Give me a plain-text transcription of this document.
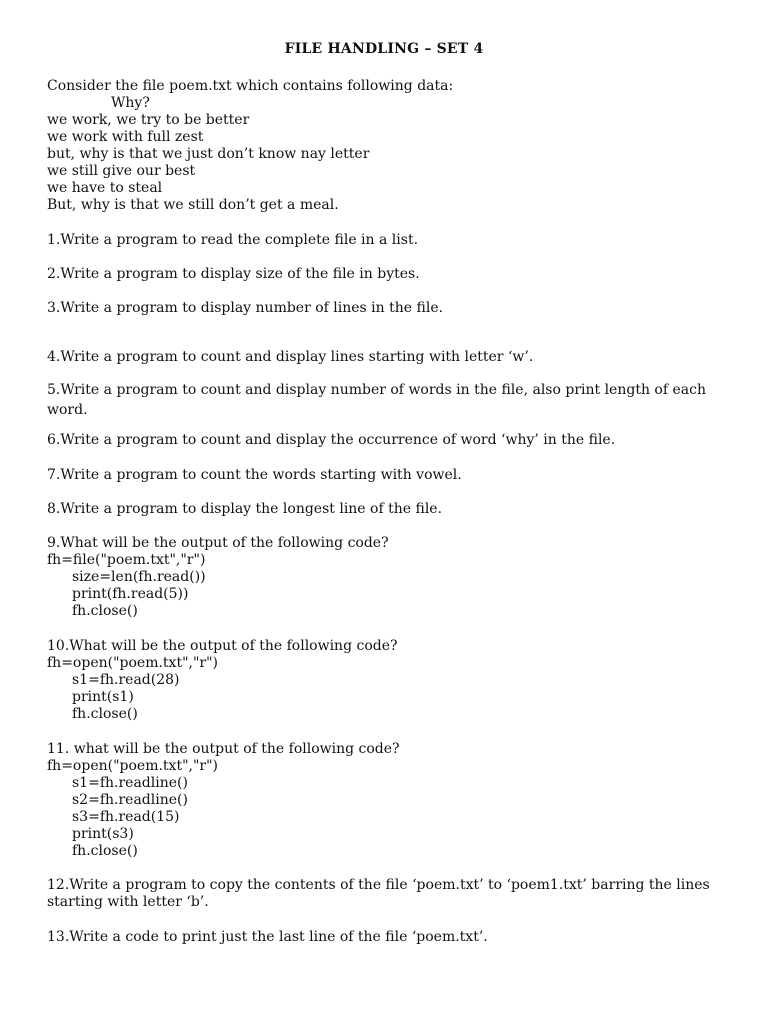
FILE HANDLING – SET 4
Consider the file poem.txt which contains following data:
Why?
we work, we try to be better
we work with full zest
but, why is that we just don’t know nay letter
we still give our best
we have to steal
But, why is that we still don’t get a meal.
1.Write a program to read the complete file in a list.
2.Write a program to display size of the file in bytes.
3.Write a program to display number of lines in the file.
4.Write a program to count and display lines starting with letter ‘w’.
5.Write a program to count and display number of words in the file, also print length of each word.
6.Write a program to count and display the occurrence of word ‘why’ in the file.
7.Write a program to count the words starting with vowel.
8.Write a program to display the longest line of the file.
9.What will be the output of the following code?
fh=file("poem.txt","r")
size=len(fh.read())
print(fh.read(5))
fh.close()
10.What will be the output of the following code?
fh=open("poem.txt","r")
s1=fh.read(28)
print(s1)
fh.close()
11. what will be the output of the following code?
fh=open("poem.txt","r")
s1=fh.readline()
s2=fh.readline()
s3=fh.read(15)
print(s3)
fh.close()
12.Write a program to copy the contents of the file ‘poem.txt’ to ‘poem1.txt’ barring the lines starting with letter ‘b’.
13.Write a code to print just the last line of the file ‘poem.txt’.
